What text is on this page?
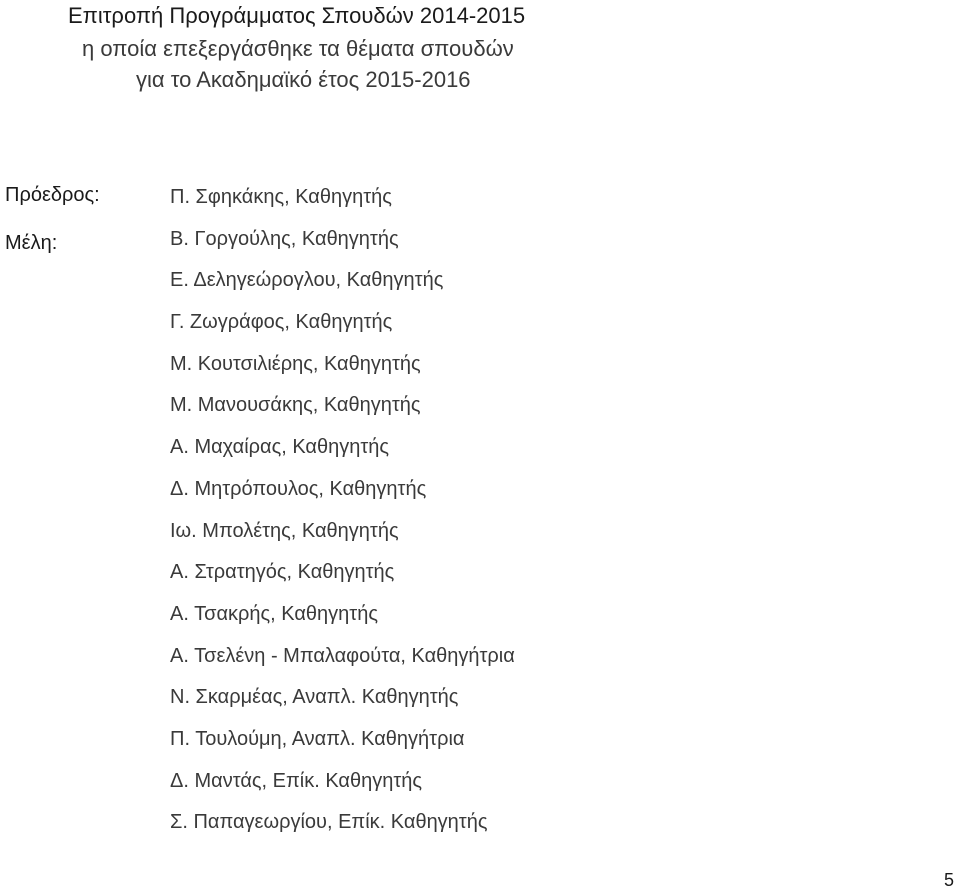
Επιτροπή Προγράμματος Σπουδών 2014-2015
η οποία επεξεργάσθηκε τα θέματα σπουδών
για το Ακαδημαϊκό έτος 2015-2016
Πρόεδρος:
Μέλη:
Π. Σφηκάκης, Καθηγητής
Β. Γοργούλης, Καθηγητής
Ε. Δεληγεώρογλου, Καθηγητής
Γ. Ζωγράφος, Καθηγητής
Μ. Κουτσιλιέρης, Καθηγητής
Μ. Μανουσάκης, Καθηγητής
Α. Μαχαίρας, Καθηγητής
Δ. Μητρόπουλος, Καθηγητής
Ιω. Μπολέτης, Καθηγητής
Α. Στρατηγός, Καθηγητής
Α. Τσακρής, Καθηγητής
Α. Τσελένη - Μπαλαφούτα, Καθηγήτρια
Ν. Σκαρμέας, Αναπλ. Καθηγητής
Π. Τουλούμη, Αναπλ. Καθηγήτρια
Δ. Μαντάς, Επίκ. Καθηγητής
Σ. Παπαγεωργίου, Επίκ. Καθηγητής
5
